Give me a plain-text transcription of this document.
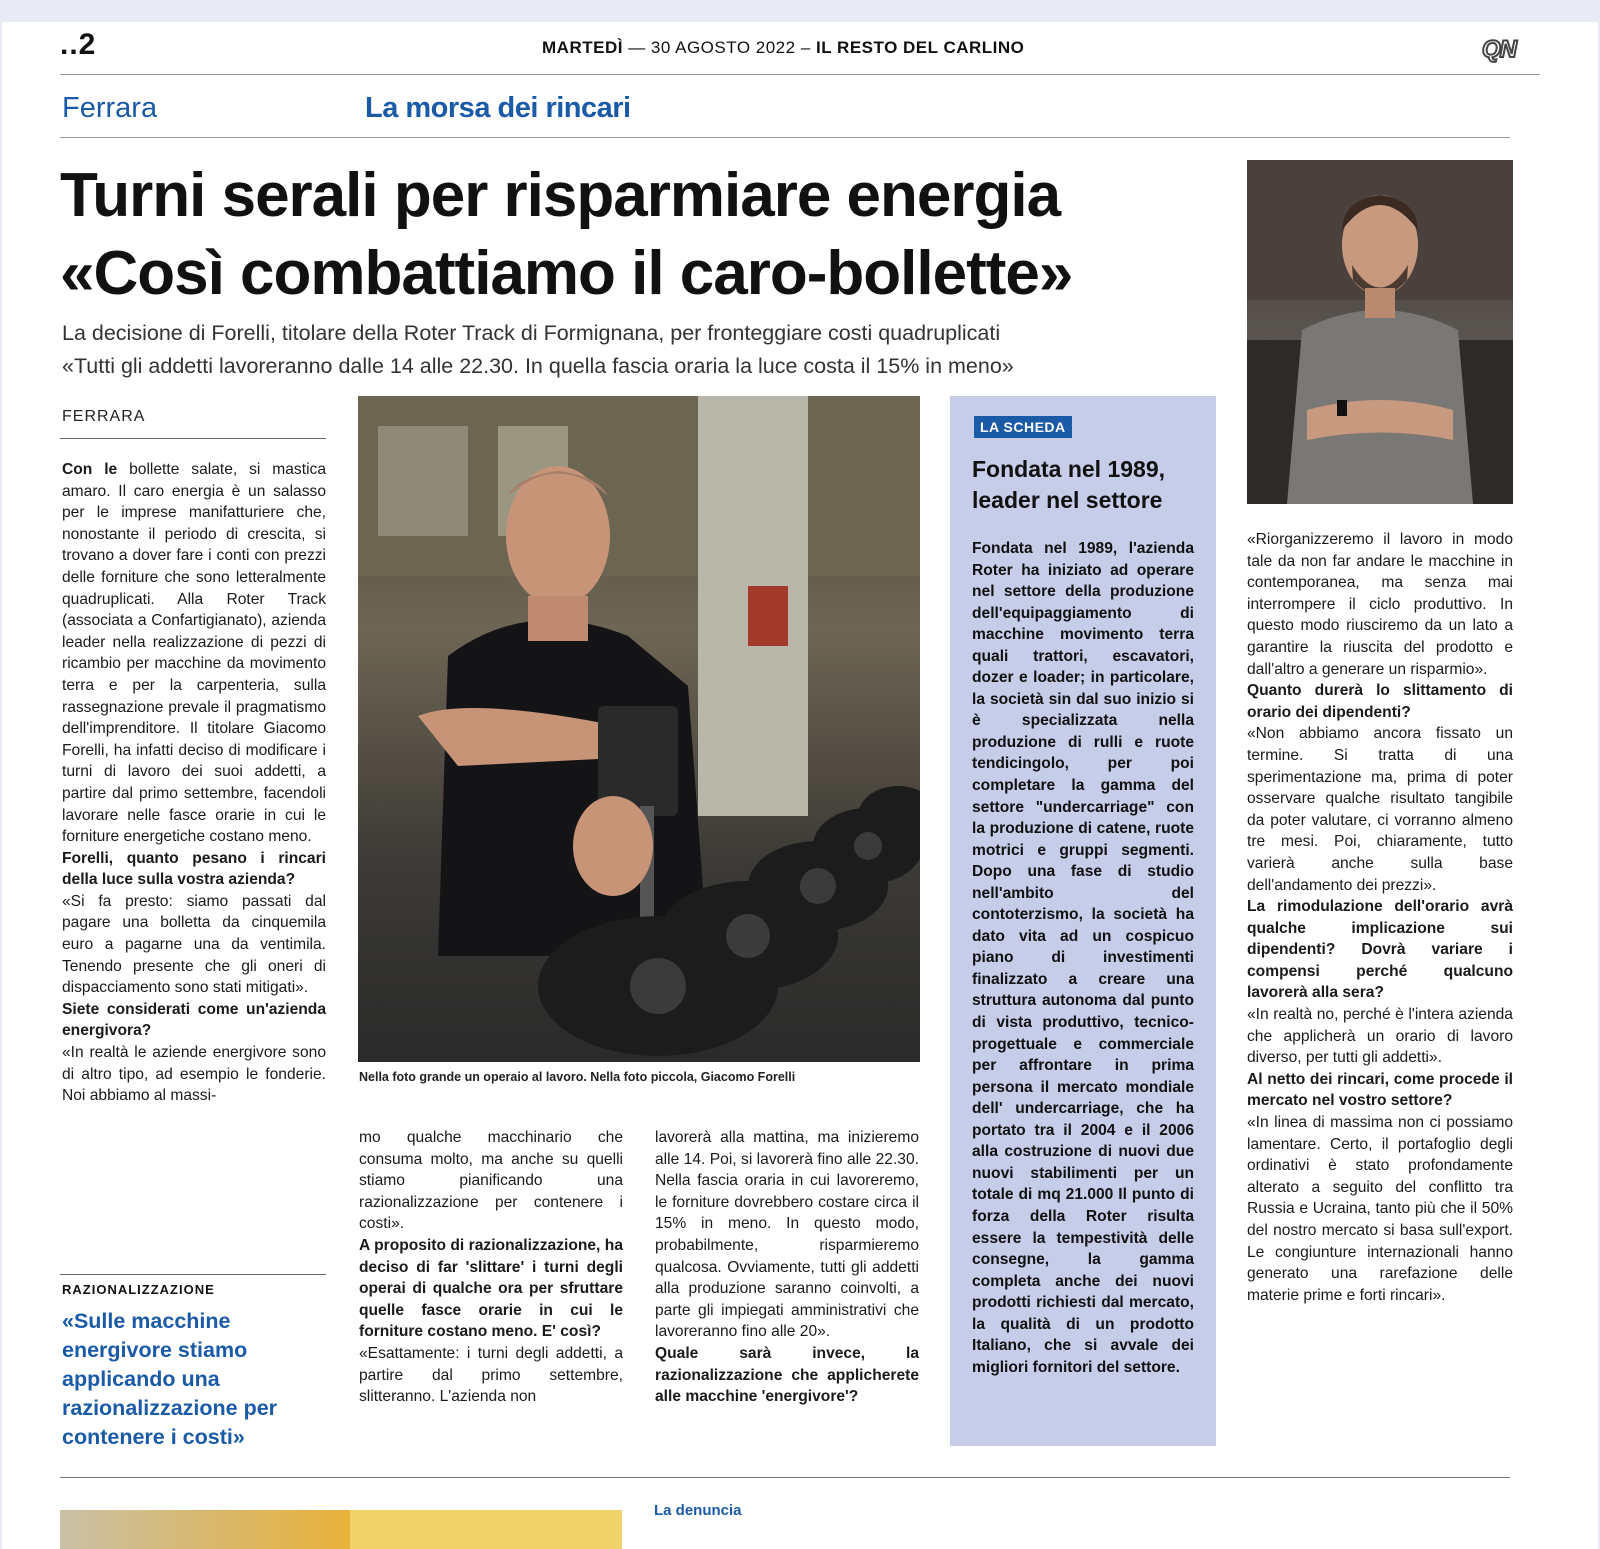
..2	MARTEDÌ — 30 AGOSTO 2022 – IL RESTO DEL CARLINO	QN
Ferrara	La morsa dei rincari
Turni serali per risparmiare energia
«Così combattiamo il caro-bollette»
La decisione di Forelli, titolare della Roter Track di Formignana, per fronteggiare costi quadruplicati
«Tutti gli addetti lavoreranno dalle 14 alle 22.30. In quella fascia oraria la luce costa il 15% in meno»
FERRARA

Con le bollette salate, si mastica amaro. Il caro energia è un salasso per le imprese manifatturiere che, nonostante il periodo di crescita, si trovano a dover fare i conti con prezzi delle forniture che sono letteralmente quadruplicati. Alla Roter Track (associata a Confartigianato), azienda leader nella realizzazione di pezzi di ricambio per macchine da movimento terra e per la carpenteria, sulla rassegnazione prevale il pragmatismo dell'imprenditore. Il titolare Giacomo Forelli, ha infatti deciso di modificare i turni di lavoro dei suoi addetti, a partire dal primo settembre, facendoli lavorare nelle fasce orarie in cui le forniture energetiche costano meno.

Forelli, quanto pesano i rincari della luce sulla vostra azienda?

«Si fa presto: siamo passati dal pagare una bolletta da cinquemila euro a pagarne una da ventimila. Tenendo presente che gli oneri di dispacciamento sono stati mitigati».

Siete considerati come un'azienda energivora?

«In realtà le aziende energivore sono di altro tipo, ad esempio le fonderie. Noi abbiamo al massi-

RAZIONALIZZAZIONE
«Sulle macchine energivore stiamo applicando una razionalizzazione per contenere i costi»
Nella foto grande un operaio al lavoro. Nella foto piccola, Giacomo Forelli

mo qualche macchinario che consuma molto, ma anche su quelli stiamo pianificando una razionalizzazione per contenere i costi».

A proposito di razionalizzazione, ha deciso di far 'slittare' i turni degli operai di qualche ora per sfruttare quelle fasce orarie in cui le forniture costano meno. E' così?

«Esattamente: i turni degli addetti, a partire dal primo settembre, slitteranno. L'azienda non

lavorerà alla mattina, ma inizieremo alle 14. Poi, si lavorerà fino alle 22.30. Nella fascia oraria in cui lavoreremo, le forniture dovrebbero costare circa il 15% in meno. In questo modo, probabilmente, risparmieremo qualcosa. Ovviamente, tutti gli addetti alla produzione saranno coinvolti, a parte gli impiegati amministrativi che lavoreranno fino alle 20».

Quale sarà invece, la razionalizzazione che applicherete alle macchine 'energivore'?

LA SCHEDA
Fondata nel 1989, leader nel settore
Fondata nel 1989, l'azienda Roter ha iniziato ad operare nel settore della produzione dell'equipaggiamento di macchine movimento terra quali trattori, escavatori, dozer e loader; in particolare, la società sin dal suo inizio si è specializzata nella produzione di rulli e ruote tendicingolo, per poi completare la gamma del settore "undercarriage" con la produzione di catene, ruote motrici e gruppi segmenti. Dopo una fase di studio nell'ambito del contoterzismo, la società ha dato vita ad un cospicuo piano di investimenti finalizzato a creare una struttura autonoma dal punto di vista produttivo, tecnico-progettuale e commerciale per affrontare in prima persona il mercato mondiale dell' undercarriage, che ha portato tra il 2004 e il 2006 alla costruzione di nuovi due nuovi stabilimenti per un totale di mq 21.000 Il punto di forza della Roter risulta essere la tempestività delle consegne, la gamma completa anche dei nuovi prodotti richiesti dal mercato, la qualità di un prodotto Italiano, che si avvale dei migliori fornitori del settore.

«Riorganizzeremo il lavoro in modo tale da non far andare le macchine in contemporanea, ma senza mai interrompere il ciclo produttivo. In questo modo riusciremo da un lato a garantire la riuscita del prodotto e dall'altro a generare un risparmio».

Quanto durerà lo slittamento di orario dei dipendenti?

«Non abbiamo ancora fissato un termine. Si tratta di una sperimentazione ma, prima di poter osservare qualche risultato tangibile da poter valutare, ci vorranno almeno tre mesi. Poi, chiaramente, tutto varierà anche sulla base dell'andamento dei prezzi».

La rimodulazione dell'orario avrà qualche implicazione sui dipendenti? Dovrà variare i compensi perché qualcuno lavorerà alla sera?

«In realtà no, perché è l'intera azienda che applicherà un orario di lavoro diverso, per tutti gli addetti».

Al netto dei rincari, come procede il mercato nel vostro settore?

«In linea di massima non ci possiamo lamentare. Certo, il portafoglio degli ordinativi è stato profondamente alterato a seguito del conflitto tra Russia e Ucraina, tanto più che il 50% del nostro mercato si basa sull'export. Le congiunture internazionali hanno generato una rarefazione delle materie prime e forti rincari».

La denuncia
